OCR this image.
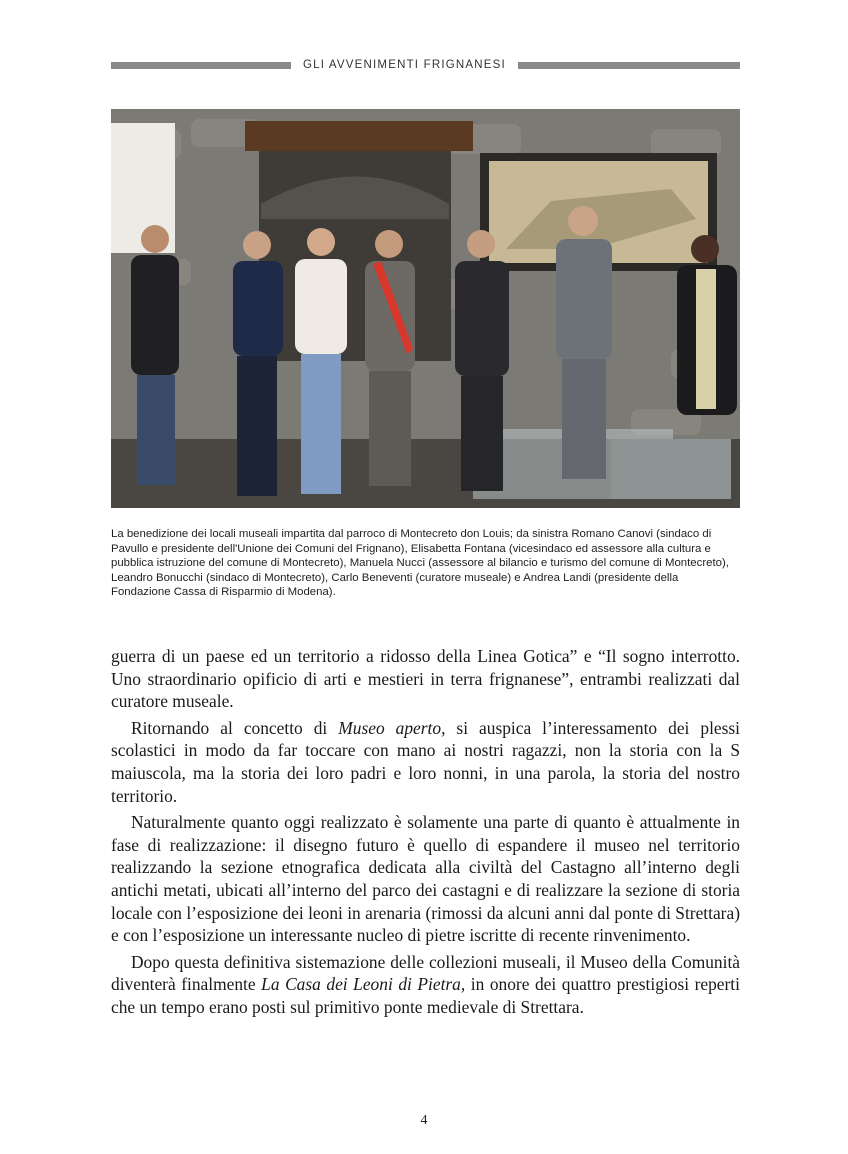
GLI AVVENIMENTI FRIGNANESI

La benedizione dei locali museali impartita dal parroco di Montecreto don Louis; da sinistra Romano Canovi (sindaco di Pavullo e presidente dell'Unione dei Comuni del Frignano), Elisabetta Fontana (vicesindaco ed assessore alla cultura e pubblica istruzione del comune di Montecreto), Manuela Nucci (assessore al bilancio e turismo del comune di Montecreto), Leandro Bonucchi (sindaco di Montecreto), Carlo Beneventi (curatore museale) e Andrea Landi (presidente della Fondazione Cassa di Risparmio di Modena).

guerra di un paese ed un territorio a ridosso della Linea Gotica” e “Il sogno interrotto. Uno straordinario opificio di arti e mestieri in terra frignanese”, entrambi realizzati dal curatore museale.

Ritornando al concetto di Museo aperto, si auspica l’interessamento dei plessi scolastici in modo da far toccare con mano ai nostri ragazzi, non la storia con la S maiuscola, ma la storia dei loro padri e loro nonni, in una parola, la storia del nostro territorio.

Naturalmente quanto oggi realizzato è solamente una parte di quanto è attualmente in fase di realizzazione: il disegno futuro è quello di espandere il museo nel territorio realizzando la sezione etnografica dedicata alla civiltà del Castagno all’interno degli antichi metati, ubicati all’interno del parco dei castagni e di realizzare la sezione di storia locale con l’esposizione dei leoni in arenaria (rimossi da alcuni anni dal ponte di Strettara) e con l’esposizione un interessante nucleo di pietre iscritte di recente rinvenimento.

Dopo questa definitiva sistemazione delle collezioni museali, il Museo della Comunità diventerà finalmente La Casa dei Leoni di Pietra, in onore dei quattro prestigiosi reperti che un tempo erano posti sul primitivo ponte medievale di Strettara.

4
